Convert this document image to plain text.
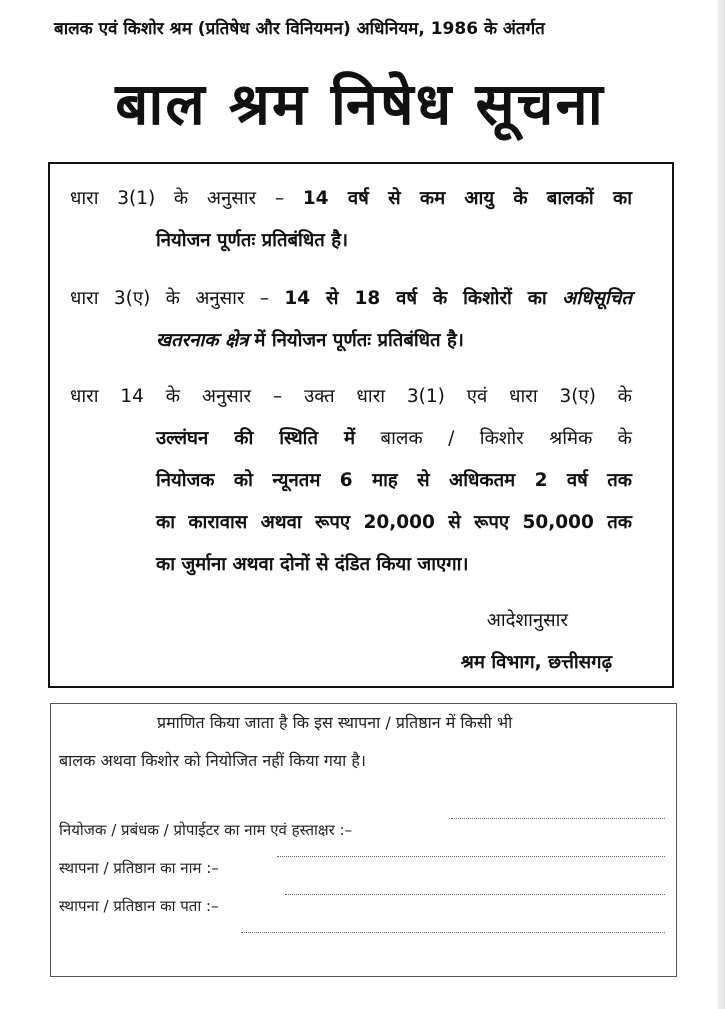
बालक एवं किशोर श्रम (प्रतिषेध और विनियमन) अधिनियम, 1986 के अंतर्गत
बाल श्रम निषेध सूचना
धारा 3(1) के अनुसार – 14 वर्ष से कम आयु के बालकों का
नियोजन पूर्णतः प्रतिबंधित है।
धारा 3(ए) के अनुसार – 14 से 18 वर्ष के किशोरों का अधिसूचित
खतरनाक क्षेत्र में नियोजन पूर्णतः प्रतिबंधित है।
धारा 14 के अनुसार – उक्त धारा 3(1) एवं धारा 3(ए) के
उल्लंघन की स्थिति में बालक / किशोर श्रमिक के
नियोजक को न्यूनतम 6 माह से अधिकतम 2 वर्ष तक
का कारावास अथवा रूपए 20,000 से रूपए 50,000 तक
का जुर्माना अथवा दोनों से दंडित किया जाएगा।
आदेशानुसार
श्रम विभाग, छत्तीसगढ़
प्रमाणित किया जाता है कि इस स्थापना / प्रतिष्ठान में किसी भी
बालक अथवा किशोर को नियोजित नहीं किया गया है।
नियोजक / प्रबंधक / प्रोपाईटर का नाम एवं हस्ताक्षर :–
स्थापना / प्रतिष्ठान का नाम :–
स्थापना / प्रतिष्ठान का पता :–
